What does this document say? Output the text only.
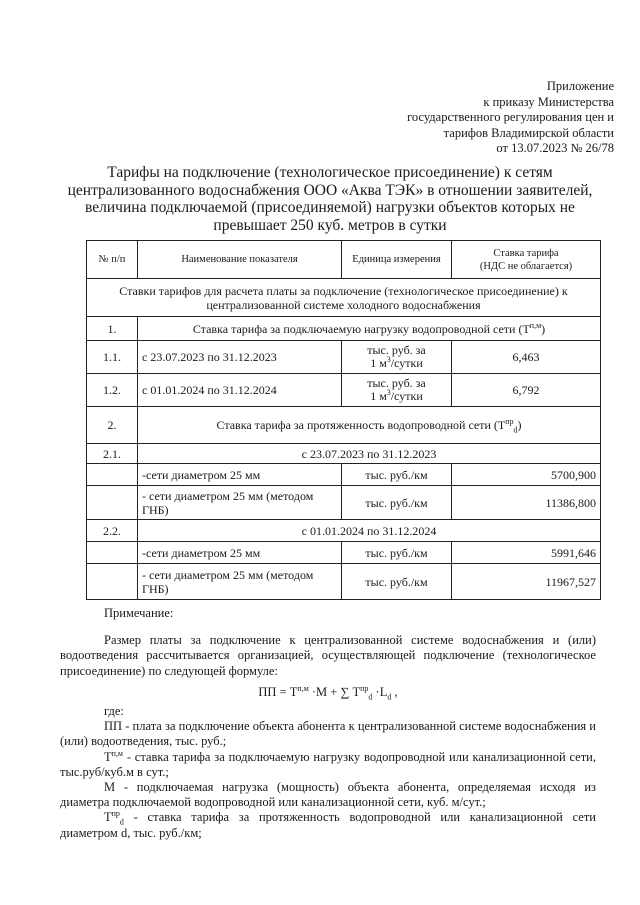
Приложение
к приказу Министерства
государственного регулирования цен и
тарифов Владимирской области
от 13.07.2023 № 26/78
Тарифы на подключение (технологическое присоединение) к сетям централизованного водоснабжения ООО «Аква ТЭК» в отношении заявителей, величина подключаемой (присоединяемой) нагрузки объектов которых не превышает 250 куб. метров в сутки
№ п/п	Наименование показателя	Единица измерения	Ставка тарифа
(НДС не облагается)

Ставки тарифов для расчета платы за подключение (технологическое присоединение) к централизованной системе холодного водоснабжения			
1.	Ставка тарифа за подключаемую нагрузку водопроводной сети $(Т^{п,м})$		
1.1.	с 23.07.2023 по 31.12.2023	тыс. руб. за
1 $м^3$/сутки	6,463
1.2.	с 01.01.2024 по 31.12.2024	тыс. руб. за
1 $м^3$/сутки	6,792
2.	Ставка тарифа за протяженность водопроводной сети $(Т^{пр}_d)$		
2.1.	с 23.07.2023 по 31.12.2023		
	-сети диаметром 25 мм	тыс. руб./км	5700,900
	- сети диаметром 25 мм (методом ГНБ)	тыс. руб./км	11386,800
2.2.	с 01.01.2024 по 31.12.2024		
	-сети диаметром 25 мм	тыс. руб./км	5991,646
	- сети диаметром 25 мм (методом ГНБ)	тыс. руб./км	11967,527

Примечание:

Размер платы за подключение к централизованной системе водоснабжения и (или) водоотведения рассчитывается организацией, осуществляющей подключение (технологическое присоединение) по следующей формуле:

ПП = $Т^{п,м} \cdot М$ + ∑ $Т^{пр}_d \cdot L_d$ ,

где:

ПП - плата за подключение объекта абонента к централизованной системе водоснабжения и (или) водоотведения, тыс. руб.;

$Т^{п,м}$ - ставка тарифа за подключаемую нагрузку водопроводной или канализационной сети, тыс.руб/куб.м в сут.;

М - подключаемая нагрузка (мощность) объекта абонента, определяемая исходя из диаметра подключаемой водопроводной или канализационной сети, куб. м/сут.;

$Т^{пр}_d$ - ставка тарифа за протяженность водопроводной или канализационной сети диаметром d, тыс. руб./км;
